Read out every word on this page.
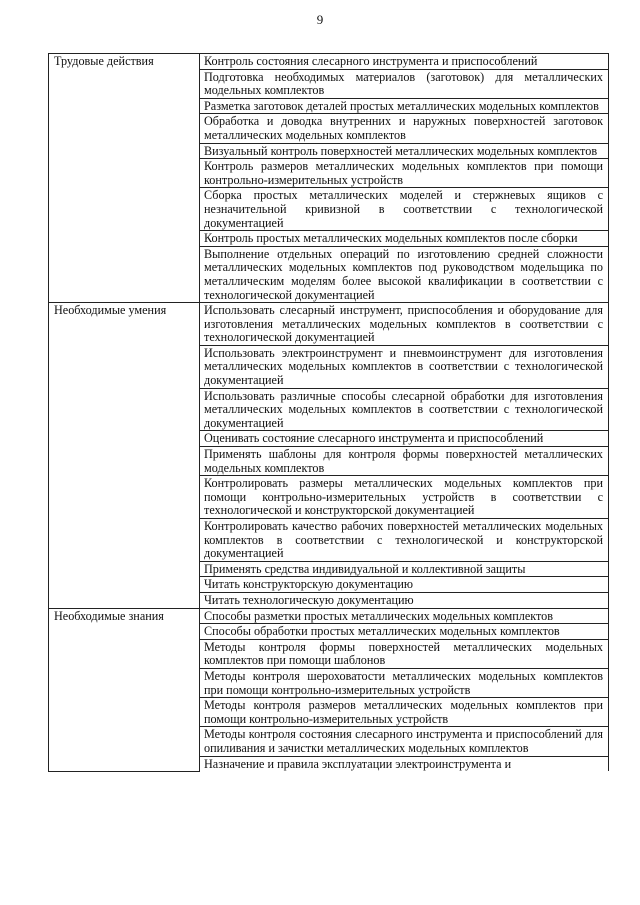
9
Трудовые действия	Контроль состояния слесарного инструмента и приспособлений
	Подготовка необходимых материалов (заготовок) для металлических модельных комплектов
	Разметка заготовок деталей простых металлических модельных комплектов
	Обработка и доводка внутренних и наружных поверхностей заготовок металлических модельных комплектов
	Визуальный контроль поверхностей металлических модельных комплектов
	Контроль размеров металлических модельных комплектов при помощи контрольно-измерительных устройств
	Сборка простых металлических моделей и стержневых ящиков с незначительной кривизной в соответствии с технологической документацией
	Контроль простых металлических модельных комплектов после сборки
	Выполнение отдельных операций по изготовлению средней сложности металлических модельных комплектов под руководством модельщика по металлическим моделям более высокой квалификации в соответствии с технологической документацией
Необходимые умения	Использовать слесарный инструмент, приспособления и оборудование для изготовления металлических модельных комплектов в соответствии с технологической документацией
	Использовать электроинструмент и пневмоинструмент для изготовления металлических модельных комплектов в соответствии с технологической документацией
	Использовать различные способы слесарной обработки для изготовления металлических модельных комплектов в соответствии с технологической документацией
	Оценивать состояние слесарного инструмента и приспособлений
	Применять шаблоны для контроля формы поверхностей металлических модельных комплектов
	Контролировать размеры металлических модельных комплектов при помощи контрольно-измерительных устройств в соответствии с технологической и конструкторской документацией
	Контролировать качество рабочих поверхностей металлических модельных комплектов в соответствии с технологической и конструкторской документацией
	Применять средства индивидуальной и коллективной защиты
	Читать конструкторскую документацию
	Читать технологическую документацию
Необходимые знания	Способы разметки простых металлических модельных комплектов
	Способы обработки простых металлических модельных комплектов
	Методы контроля формы поверхностей металлических модельных комплектов при помощи шаблонов
	Методы контроля шероховатости металлических модельных комплектов при помощи контрольно-измерительных устройств
	Методы контроля размеров металлических модельных комплектов при помощи контрольно-измерительных устройств
	Методы контроля состояния слесарного инструмента и приспособлений для опиливания и зачистки металлических модельных комплектов
	Назначение и правила эксплуатации электроинструмента и
